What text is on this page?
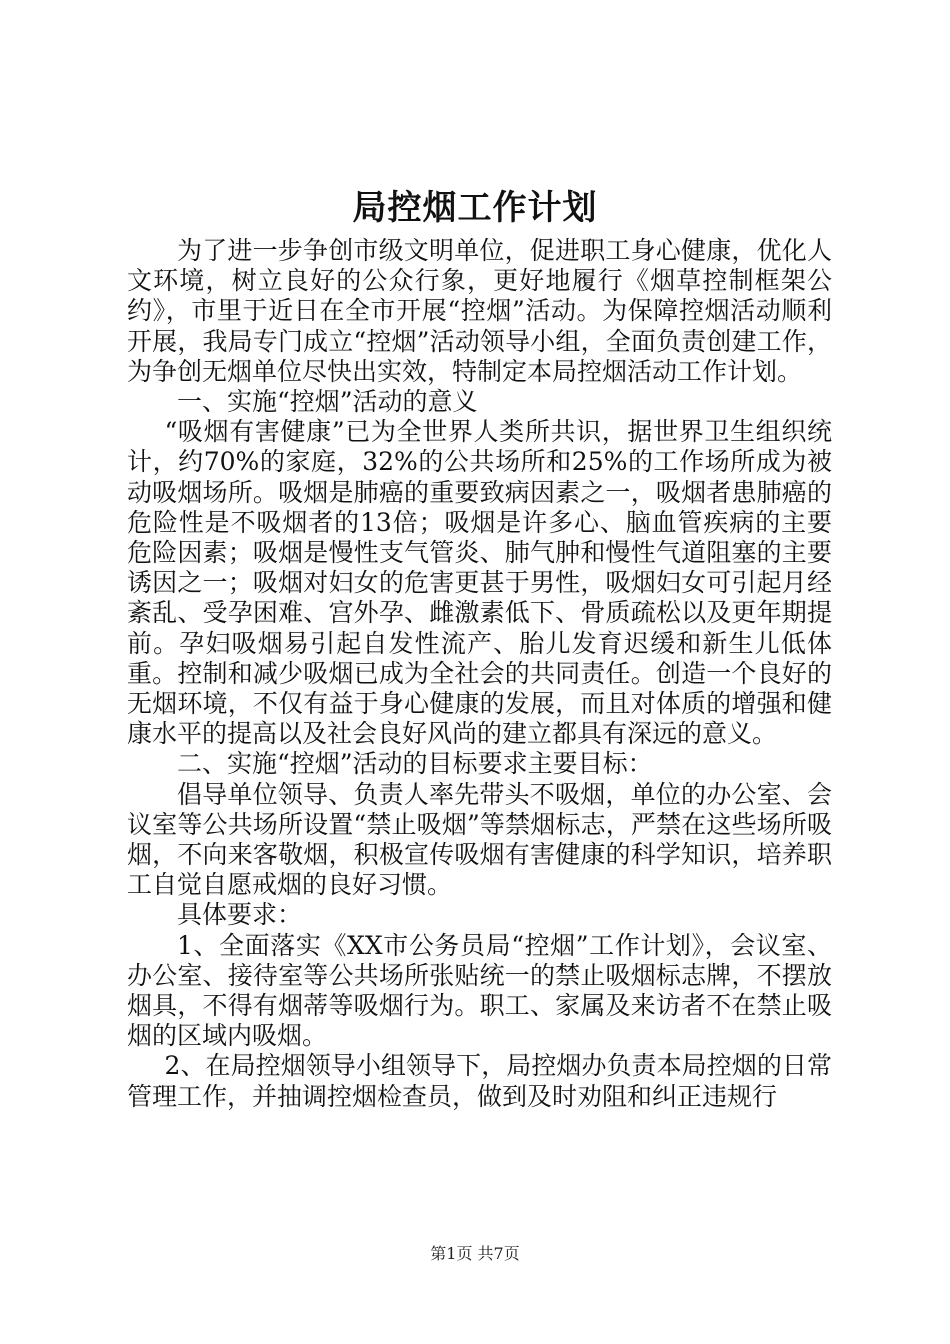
局控烟工作计划

为了进一步争创市级文明单位，促进职工身心健康，优化人文环境，树立良好的公众行象，更好地履行《烟草控制框架公约》，市里于近日在全市开展“控烟”活动。为保障控烟活动顺利开展，我局专门成立“控烟”活动领导小组，全面负责创建工作，为争创无烟单位尽快出实效，特制定本局控烟活动工作计划。

一、实施“控烟”活动的意义

“吸烟有害健康”已为全世界人类所共识，据世界卫生组织统计，约70%的家庭，32%的公共场所和25%的工作场所成为被动吸烟场所。吸烟是肺癌的重要致病因素之一，吸烟者患肺癌的危险性是不吸烟者的13倍；吸烟是许多心、脑血管疾病的主要危险因素；吸烟是慢性支气管炎、肺气肿和慢性气道阻塞的主要诱因之一；吸烟对妇女的危害更甚于男性，吸烟妇女可引起月经紊乱、受孕困难、宫外孕、雌激素低下、骨质疏松以及更年期提前。孕妇吸烟易引起自发性流产、胎儿发育迟缓和新生儿低体重。控制和减少吸烟已成为全社会的共同责任。创造一个良好的无烟环境，不仅有益于身心健康的发展，而且对体质的增强和健康水平的提高以及社会良好风尚的建立都具有深远的意义。

二、实施“控烟”活动的目标要求主要目标：

倡导单位领导、负责人率先带头不吸烟，单位的办公室、会议室等公共场所设置“禁止吸烟”等禁烟标志，严禁在这些场所吸烟，不向来客敬烟，积极宣传吸烟有害健康的科学知识，培养职工自觉自愿戒烟的良好习惯。

具体要求：

1、全面落实《XX市公务员局“控烟”工作计划》，会议室、办公室、接待室等公共场所张贴统一的禁止吸烟标志牌，不摆放烟具，不得有烟蒂等吸烟行为。职工、家属及来访者不在禁止吸烟的区域内吸烟。

2、在局控烟领导小组领导下，局控烟办负责本局控烟的日常管理工作，并抽调控烟检查员，做到及时劝阻和纠正违规行

第1页 共7页
